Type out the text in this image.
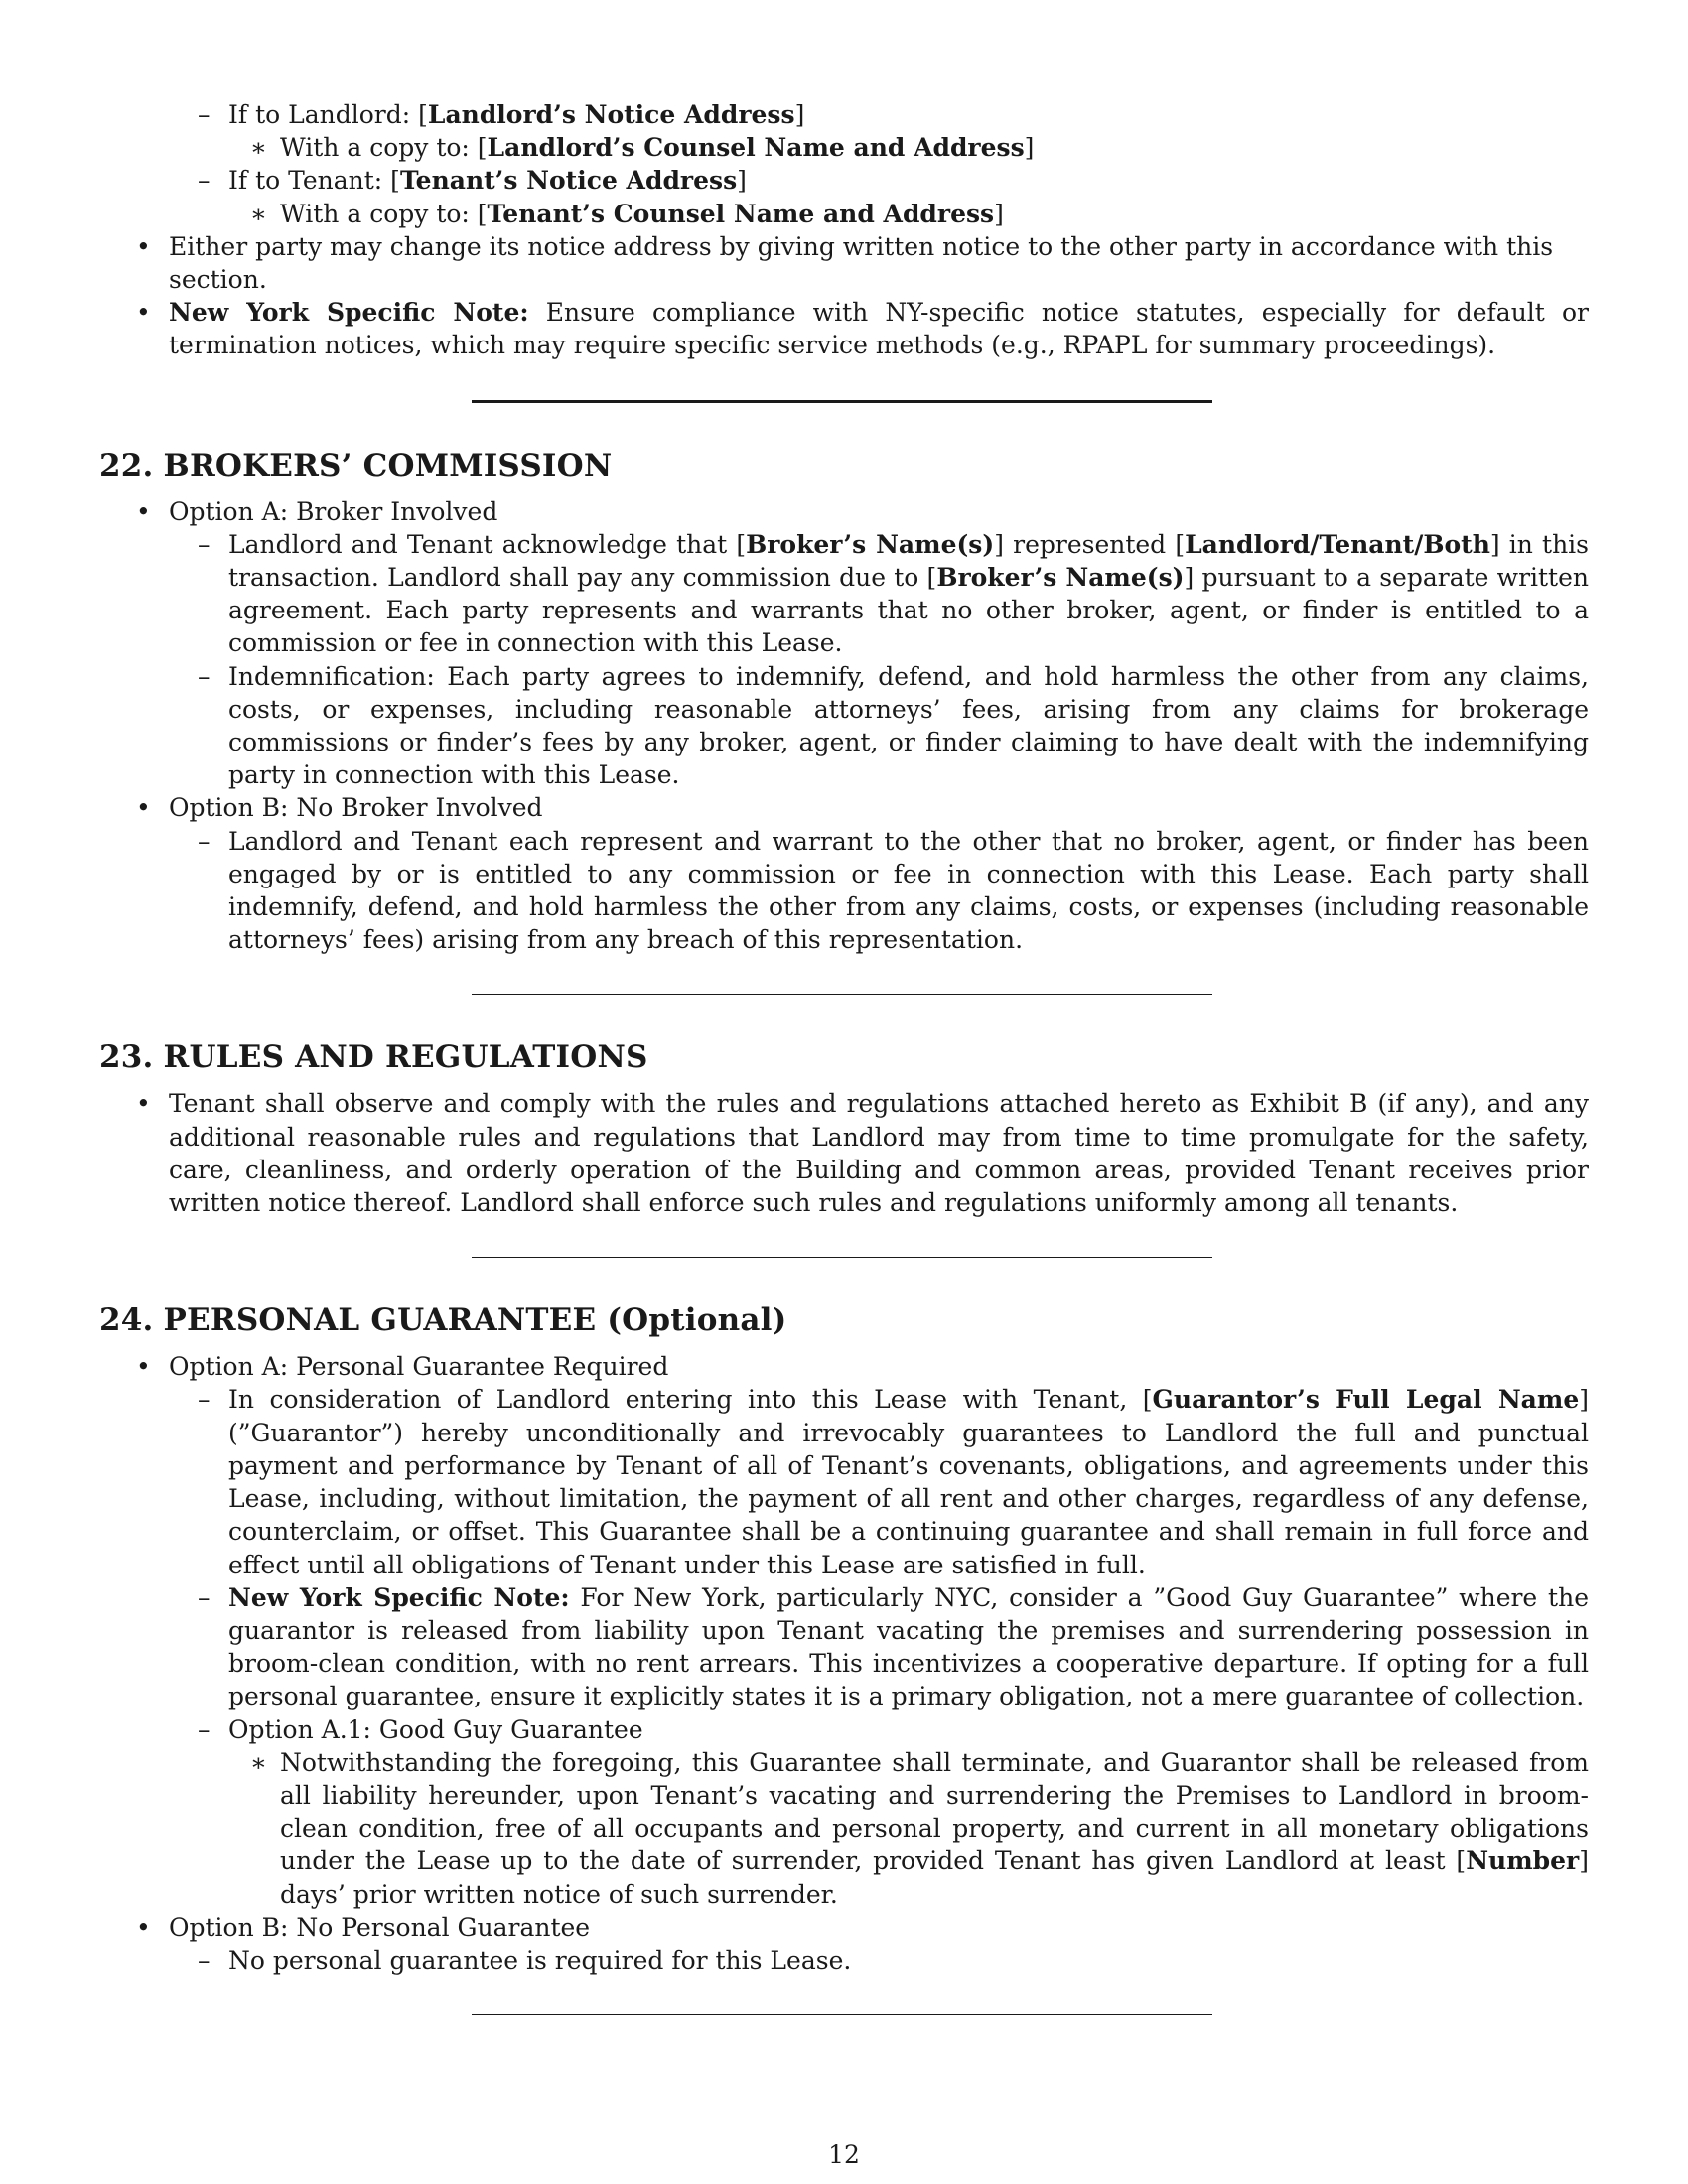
– If to Landlord: [Landlord’s Notice Address]
∗ With a copy to: [Landlord’s Counsel Name and Address]
– If to Tenant: [Tenant’s Notice Address]
∗ With a copy to: [Tenant’s Counsel Name and Address]
• Either party may change its notice address by giving written notice to the other party in accordance with this section.
• New York Specific Note: Ensure compliance with NY-specific notice statutes, especially for default or termination notices, which may require specific service methods (e.g., RPAPL for summary proceedings).
22. BROKERS’ COMMISSION
• Option A: Broker Involved
– Landlord and Tenant acknowledge that [Broker’s Name(s)] represented [Landlord/Tenant/Both] in this transaction. Landlord shall pay any commission due to [Broker’s Name(s)] pursuant to a separate written agreement. Each party represents and warrants that no other broker, agent, or finder is entitled to a commission or fee in connection with this Lease.
– Indemnification: Each party agrees to indemnify, defend, and hold harmless the other from any claims, costs, or expenses, including reasonable attorneys’ fees, arising from any claims for brokerage commissions or finder’s fees by any broker, agent, or finder claiming to have dealt with the indemnifying party in connection with this Lease.
• Option B: No Broker Involved
– Landlord and Tenant each represent and warrant to the other that no broker, agent, or finder has been engaged by or is entitled to any commission or fee in connection with this Lease. Each party shall indemnify, defend, and hold harmless the other from any claims, costs, or expenses (including reasonable attorneys’ fees) arising from any breach of this representation.
23. RULES AND REGULATIONS
• Tenant shall observe and comply with the rules and regulations attached hereto as Exhibit B (if any), and any additional reasonable rules and regulations that Landlord may from time to time promulgate for the safety, care, cleanliness, and orderly operation of the Building and common areas, provided Tenant receives prior written notice thereof. Landlord shall enforce such rules and regulations uniformly among all tenants.
24. PERSONAL GUARANTEE (Optional)
• Option A: Personal Guarantee Required
– In consideration of Landlord entering into this Lease with Tenant, [Guarantor’s Full Legal Name] (”Guarantor”) hereby unconditionally and irrevocably guarantees to Landlord the full and punctual payment and performance by Tenant of all of Tenant’s covenants, obligations, and agreements under this Lease, including, without limitation, the payment of all rent and other charges, regardless of any defense, counterclaim, or offset. This Guarantee shall be a continuing guarantee and shall remain in full force and effect until all obligations of Tenant under this Lease are satisfied in full.
– New York Specific Note: For New York, particularly NYC, consider a ”Good Guy Guarantee” where the guarantor is released from liability upon Tenant vacating the premises and surrendering possession in broom-clean condition, with no rent arrears. This incentivizes a cooperative departure. If opting for a full personal guarantee, ensure it explicitly states it is a primary obligation, not a mere guarantee of collection.
– Option A.1: Good Guy Guarantee
∗ Notwithstanding the foregoing, this Guarantee shall terminate, and Guarantor shall be released from all liability hereunder, upon Tenant’s vacating and surrendering the Premises to Landlord in broom-clean condition, free of all occupants and personal property, and current in all monetary obligations under the Lease up to the date of surrender, provided Tenant has given Landlord at least [Number] days’ prior written notice of such surrender.
• Option B: No Personal Guarantee
– No personal guarantee is required for this Lease.
12
